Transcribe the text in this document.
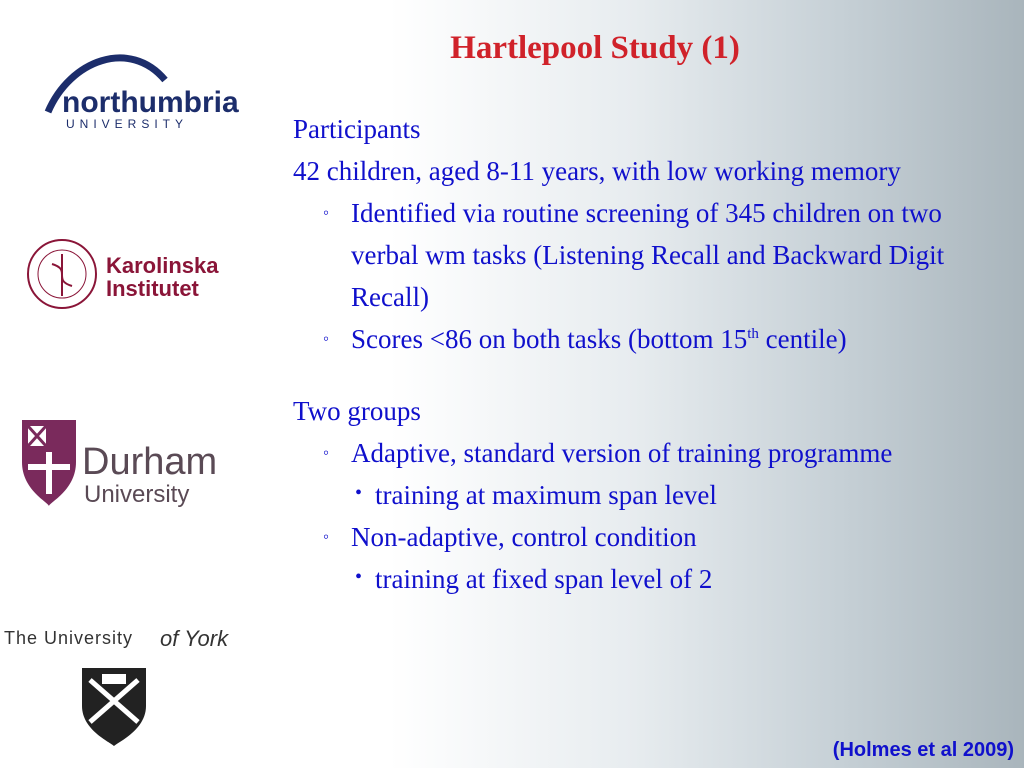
northumbria
UNIVERSITY
Karolinska
Institutet
Durham
University
The University of York
Hartlepool Study (1)
Participants
42 children, aged 8-11 years, with low working memory
◦ Identified via routine screening of 345 children on two verbal wm tasks (Listening Recall and Backward Digit Recall)
◦ Scores <86 on both tasks (bottom 15th centile)
Two groups
◦ Adaptive, standard version of training programme
• training at maximum span level
◦ Non-adaptive, control condition
• training at fixed span level of 2
(Holmes et al 2009)
